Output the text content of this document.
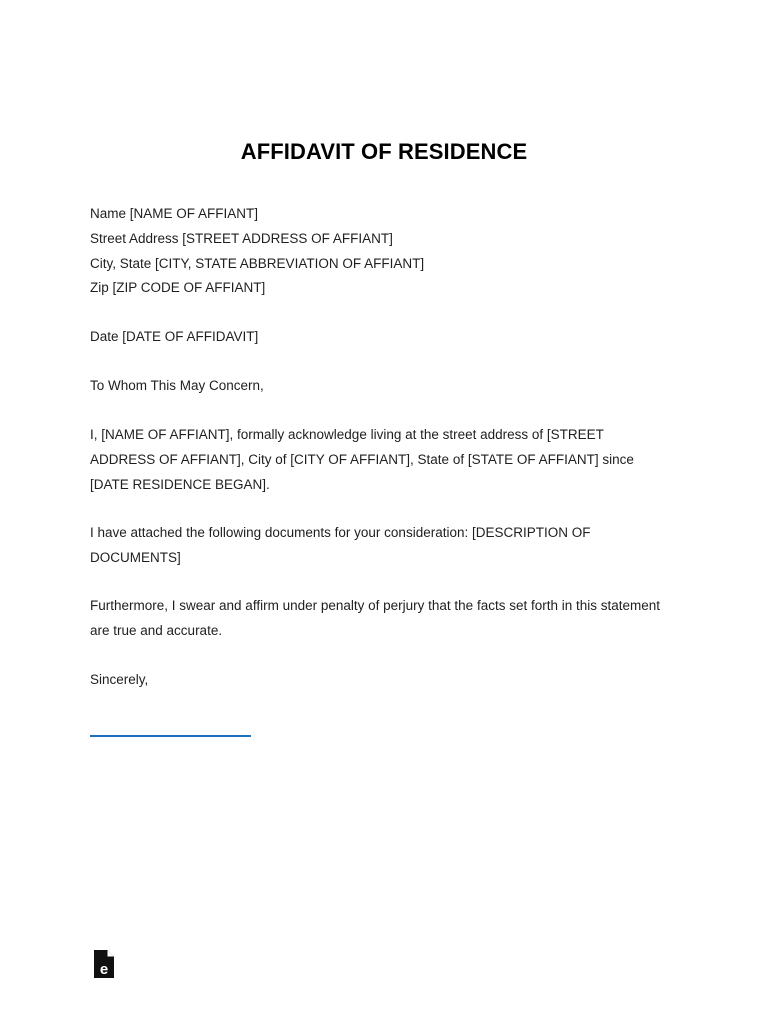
AFFIDAVIT OF RESIDENCE
Name [NAME OF AFFIANT]
Street Address [STREET ADDRESS OF AFFIANT]
City, State [CITY, STATE ABBREVIATION OF AFFIANT]
Zip [ZIP CODE OF AFFIANT]
Date [DATE OF AFFIDAVIT]
To Whom This May Concern,
I, [NAME OF AFFIANT], formally acknowledge living at the street address of [STREET
ADDRESS OF AFFIANT], City of [CITY OF AFFIANT], State of [STATE OF AFFIANT] since
[DATE RESIDENCE BEGAN].
I have attached the following documents for your consideration: [DESCRIPTION OF
DOCUMENTS]
Furthermore, I swear and affirm under penalty of perjury that the facts set forth in this statement
are true and accurate.
Sincerely,
e
